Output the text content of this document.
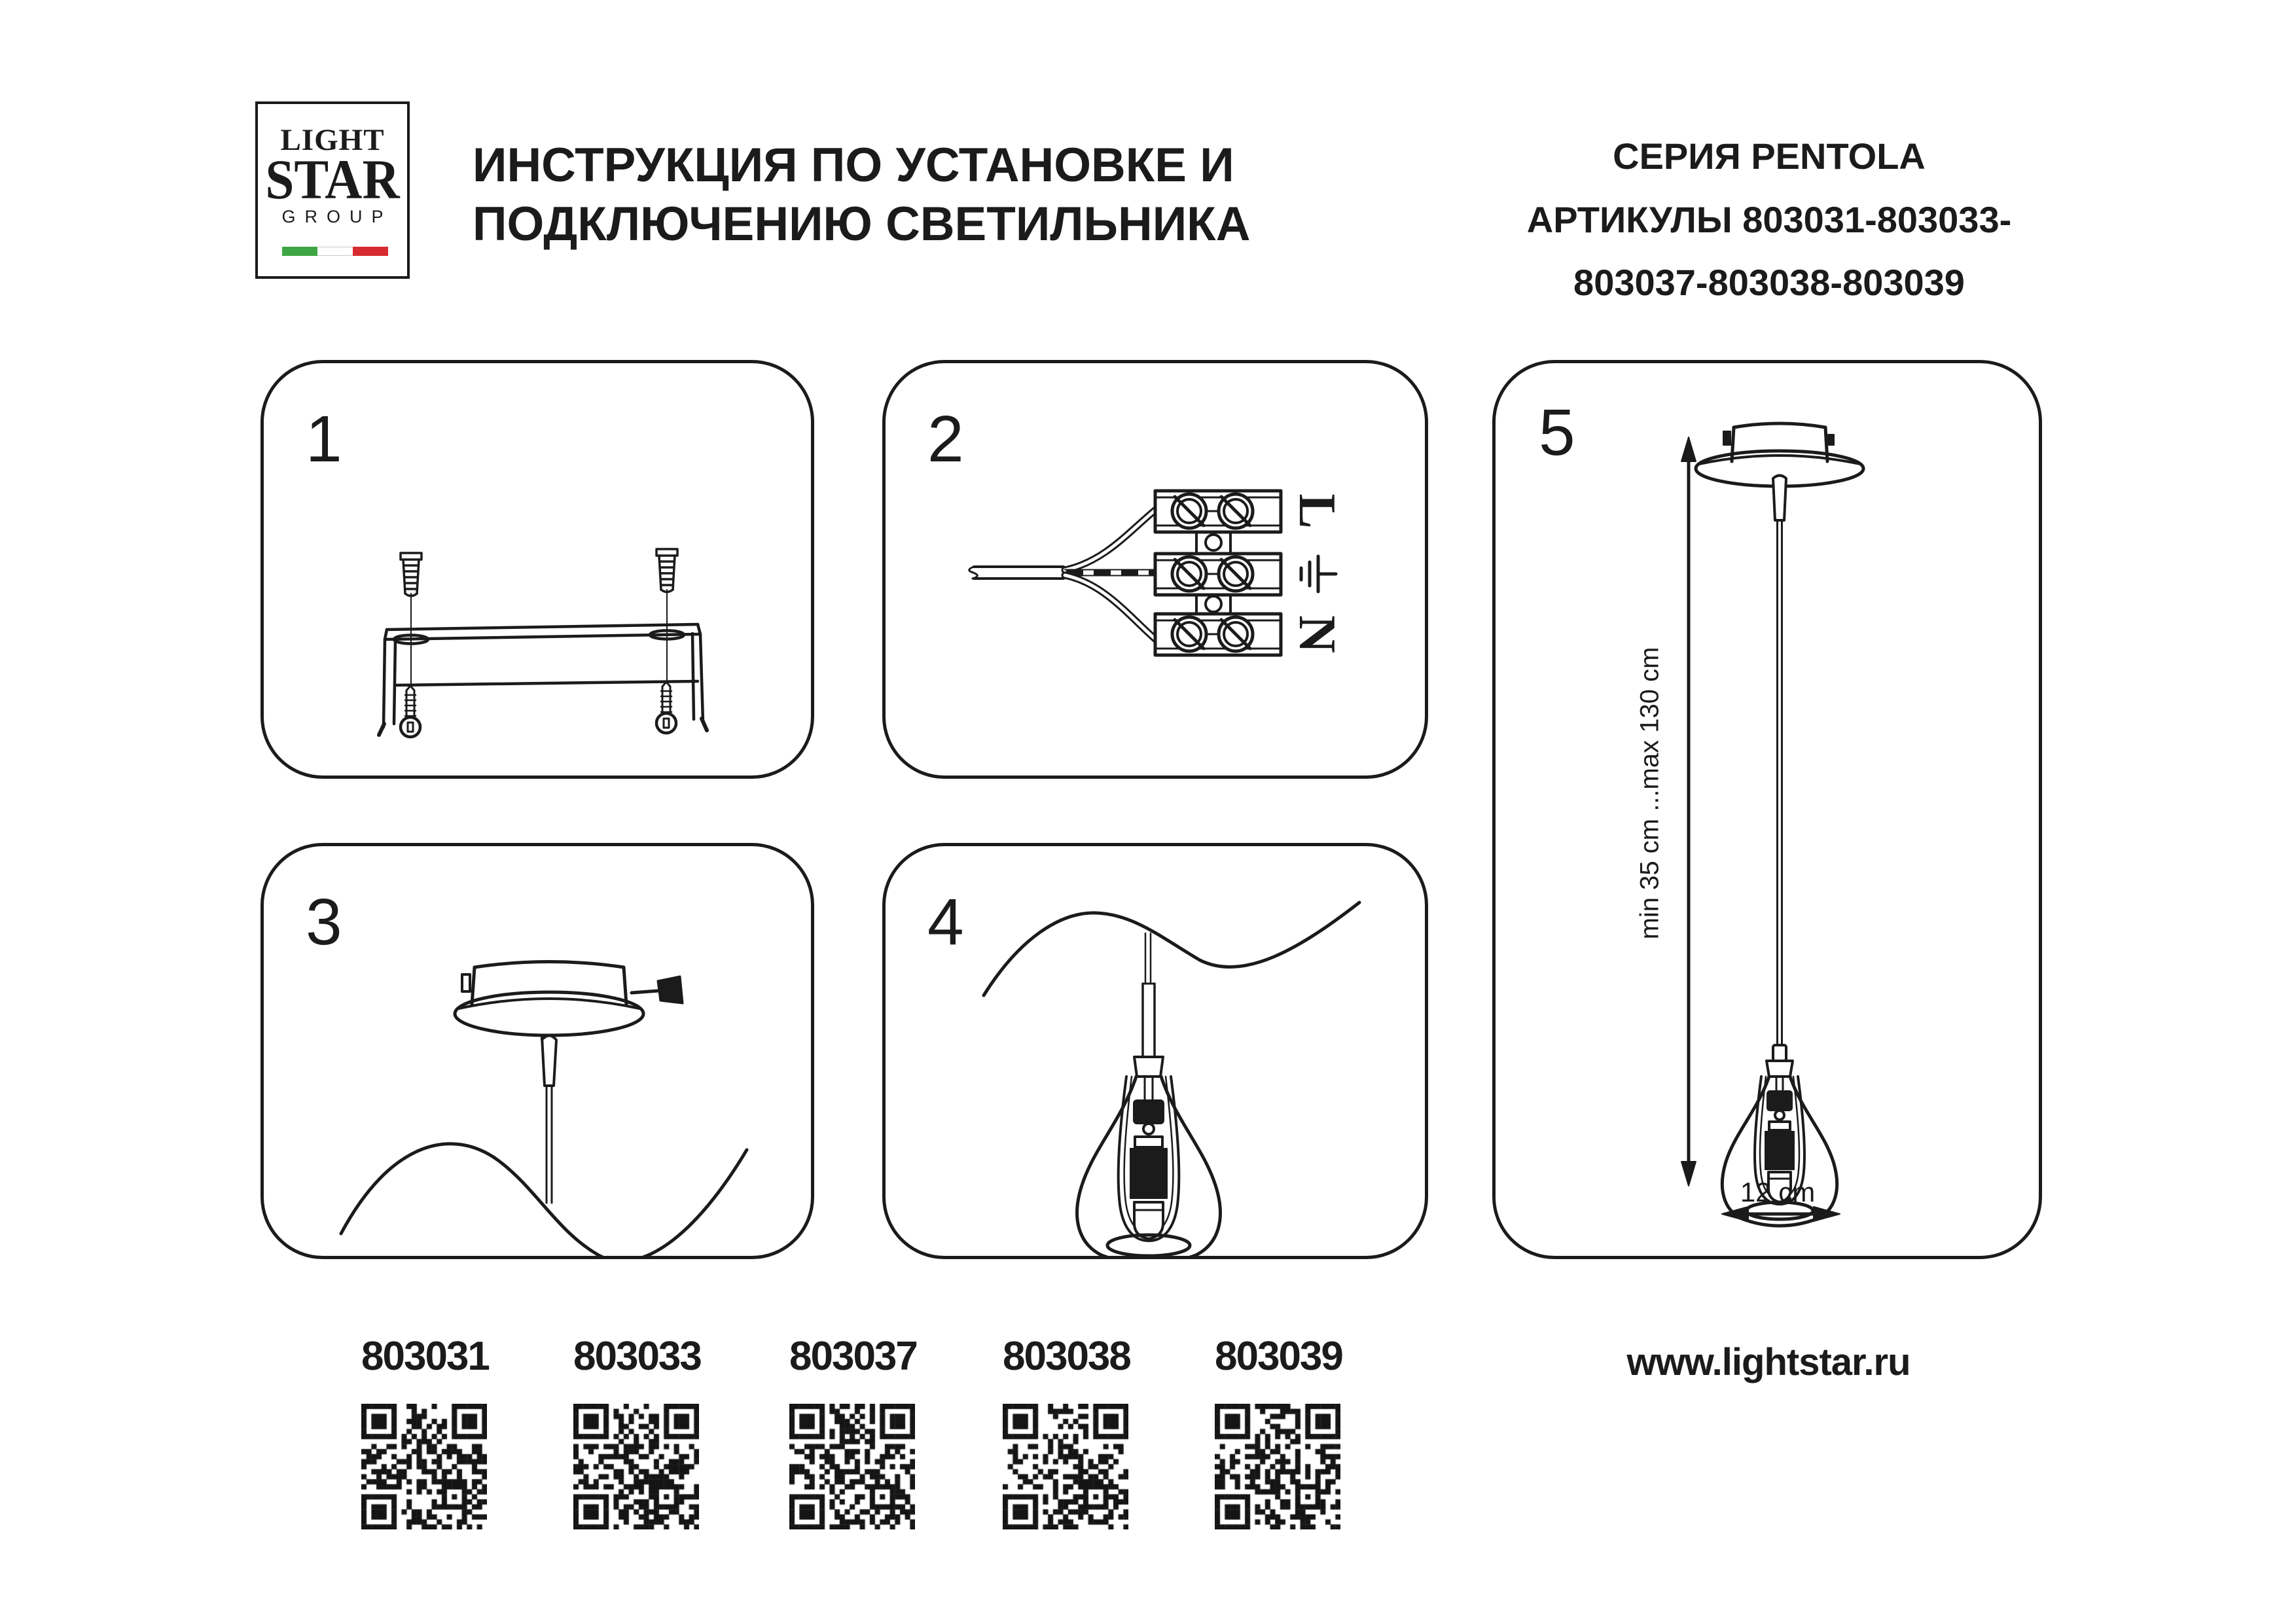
LIGHT
STAR
GROUP
ИНСТРУКЦИЯ ПО УСТАНОВКЕ И
ПОДКЛЮЧЕНИЮ СВЕТИЛЬНИКА
СЕРИЯ PENTOLA
АРТИКУЛЫ 803031-803033-
803037-803038-803039
1	2
L
N
3	4
5
min 35 cm ...max 130 cm
12 cm
803031 803033 803037 803038 803039	www.lightstar.ru
